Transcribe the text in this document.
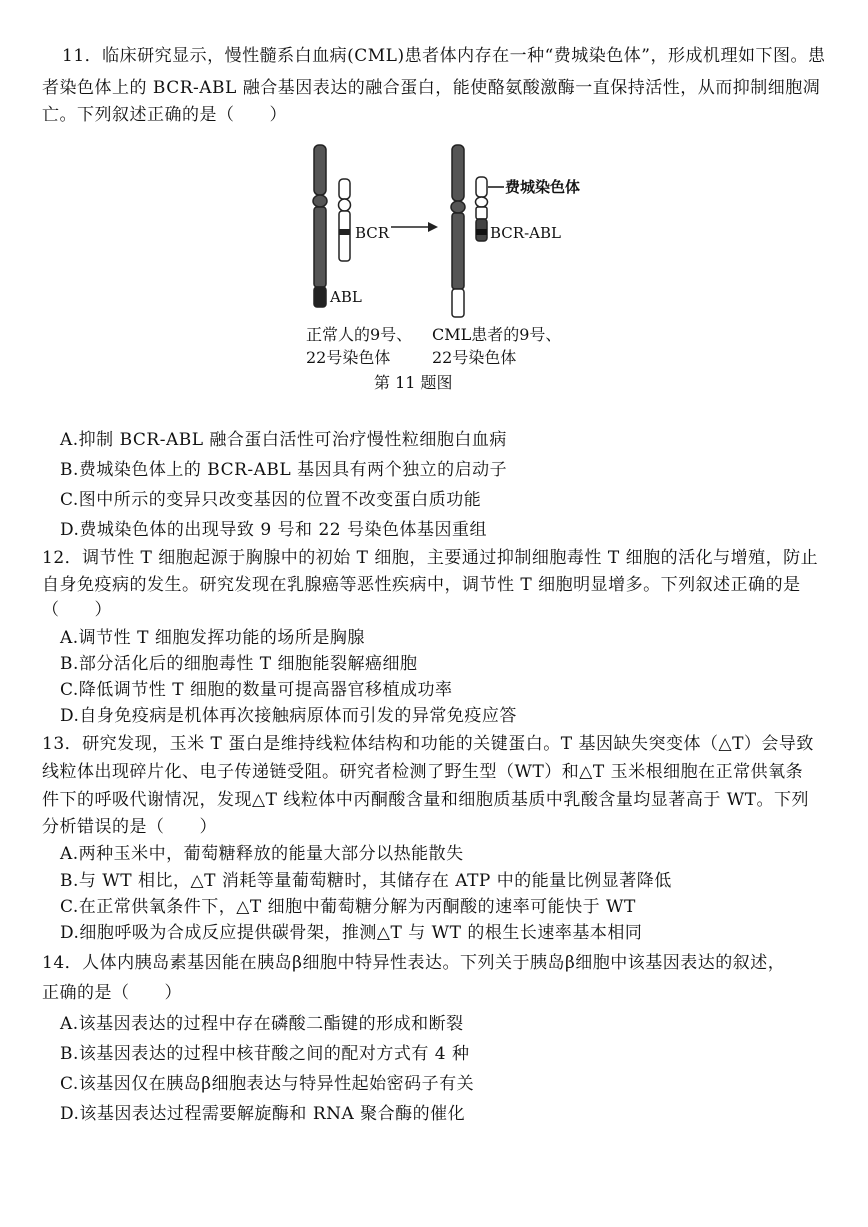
11．临床研究显示，慢性髓系白血病(CML)患者体内存在一种“费城染色体”，形成机理如下图。患
者染色体上的 BCR-ABL 融合基因表达的融合蛋白，能使酪氨酸激酶一直保持活性，从而抑制细胞凋
亡。下列叙述正确的是（　　）
BCR
ABL
费城染色体
BCR-ABL
正常人的9号、
22号染色体
CML患者的9号、
22号染色体
第 11 题图
A.抑制 BCR-ABL 融合蛋白活性可治疗慢性粒细胞白血病
B.费城染色体上的 BCR-ABL 基因具有两个独立的启动子
C.图中所示的变异只改变基因的位置不改变蛋白质功能
D.费城染色体的出现导致 9 号和 22 号染色体基因重组
12．调节性 T 细胞起源于胸腺中的初始 T 细胞，主要通过抑制细胞毒性 T 细胞的活化与增殖，防止
自身免疫病的发生。研究发现在乳腺癌等恶性疾病中，调节性 T 细胞明显增多。下列叙述正确的是
（　　）
A.调节性 T 细胞发挥功能的场所是胸腺
B.部分活化后的细胞毒性 T 细胞能裂解癌细胞
C.降低调节性 T 细胞的数量可提高器官移植成功率
D.自身免疫病是机体再次接触病原体而引发的异常免疫应答
13．研究发现，玉米 T 蛋白是维持线粒体结构和功能的关键蛋白。T 基因缺失突变体（△T）会导致
线粒体出现碎片化、电子传递链受阻。研究者检测了野生型（WT）和△T 玉米根细胞在正常供氧条
件下的呼吸代谢情况，发现△T 线粒体中丙酮酸含量和细胞质基质中乳酸含量均显著高于 WT。下列
分析错误的是（　　）
A.两种玉米中，葡萄糖释放的能量大部分以热能散失
B.与 WT 相比，△T 消耗等量葡萄糖时，其储存在 ATP 中的能量比例显著降低
C.在正常供氧条件下，△T 细胞中葡萄糖分解为丙酮酸的速率可能快于 WT
D.细胞呼吸为合成反应提供碳骨架，推测△T 与 WT 的根生长速率基本相同
14．人体内胰岛素基因能在胰岛β细胞中特异性表达。下列关于胰岛β细胞中该基因表达的叙述，
正确的是（　　）
A.该基因表达的过程中存在磷酸二酯键的形成和断裂
B.该基因表达的过程中核苷酸之间的配对方式有 4 种
C.该基因仅在胰岛β细胞表达与特异性起始密码子有关
D.该基因表达过程需要解旋酶和 RNA 聚合酶的催化
